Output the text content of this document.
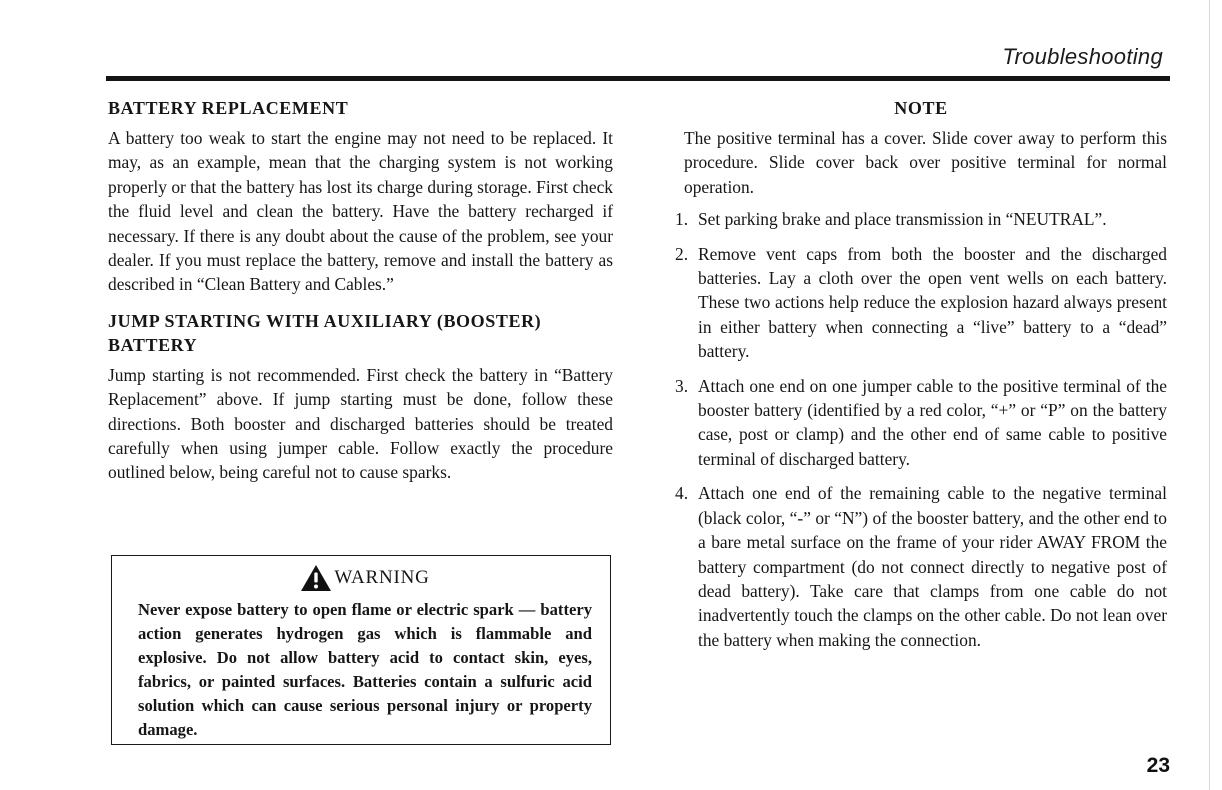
Troubleshooting
BATTERY REPLACEMENT

A battery too weak to start the engine may not need to be replaced. It may, as an example, mean that the charging system is not working properly or that the battery has lost its charge during storage. First check the fluid level and clean the battery. Have the battery recharged if necessary. If there is any doubt about the cause of the problem, see your dealer. If you must replace the battery, remove and install the battery as described in “Clean Battery and Cables.”

JUMP STARTING WITH AUXILIARY (BOOSTER) BATTERY

Jump starting is not recommended. First check the battery in “Battery Replacement” above. If jump starting must be done, follow these directions. Both booster and discharged batteries should be treated carefully when using jumper cable. Follow exactly the procedure outlined below, being careful not to cause sparks.

WARNING

Never expose battery to open flame or electric spark — battery action generates hydrogen gas which is flammable and explosive. Do not allow battery acid to contact skin, eyes, fabrics, or painted surfaces. Batteries contain a sulfuric acid solution which can cause serious personal injury or property damage.

NOTE

The positive terminal has a cover. Slide cover away to perform this procedure. Slide cover back over positive terminal for normal operation.

1. Set parking brake and place transmission in “NEUTRAL”.
2. Remove vent caps from both the booster and the discharged batteries. Lay a cloth over the open vent wells on each battery. These two actions help reduce the explosion hazard always present in either battery when connecting a “live” battery to a “dead” battery.
3. Attach one end on one jumper cable to the positive terminal of the booster battery (identified by a red color, “+” or “P” on the battery case, post or clamp) and the other end of same cable to positive terminal of discharged battery.
4. Attach one end of the remaining cable to the negative terminal (black color, “-” or “N”) of the booster battery, and the other end to a bare metal surface on the frame of your rider AWAY FROM the battery compartment (do not connect directly to negative post of dead battery). Take care that clamps from one cable do not inadvertently touch the clamps on the other cable. Do not lean over the battery when making the connection.
23
